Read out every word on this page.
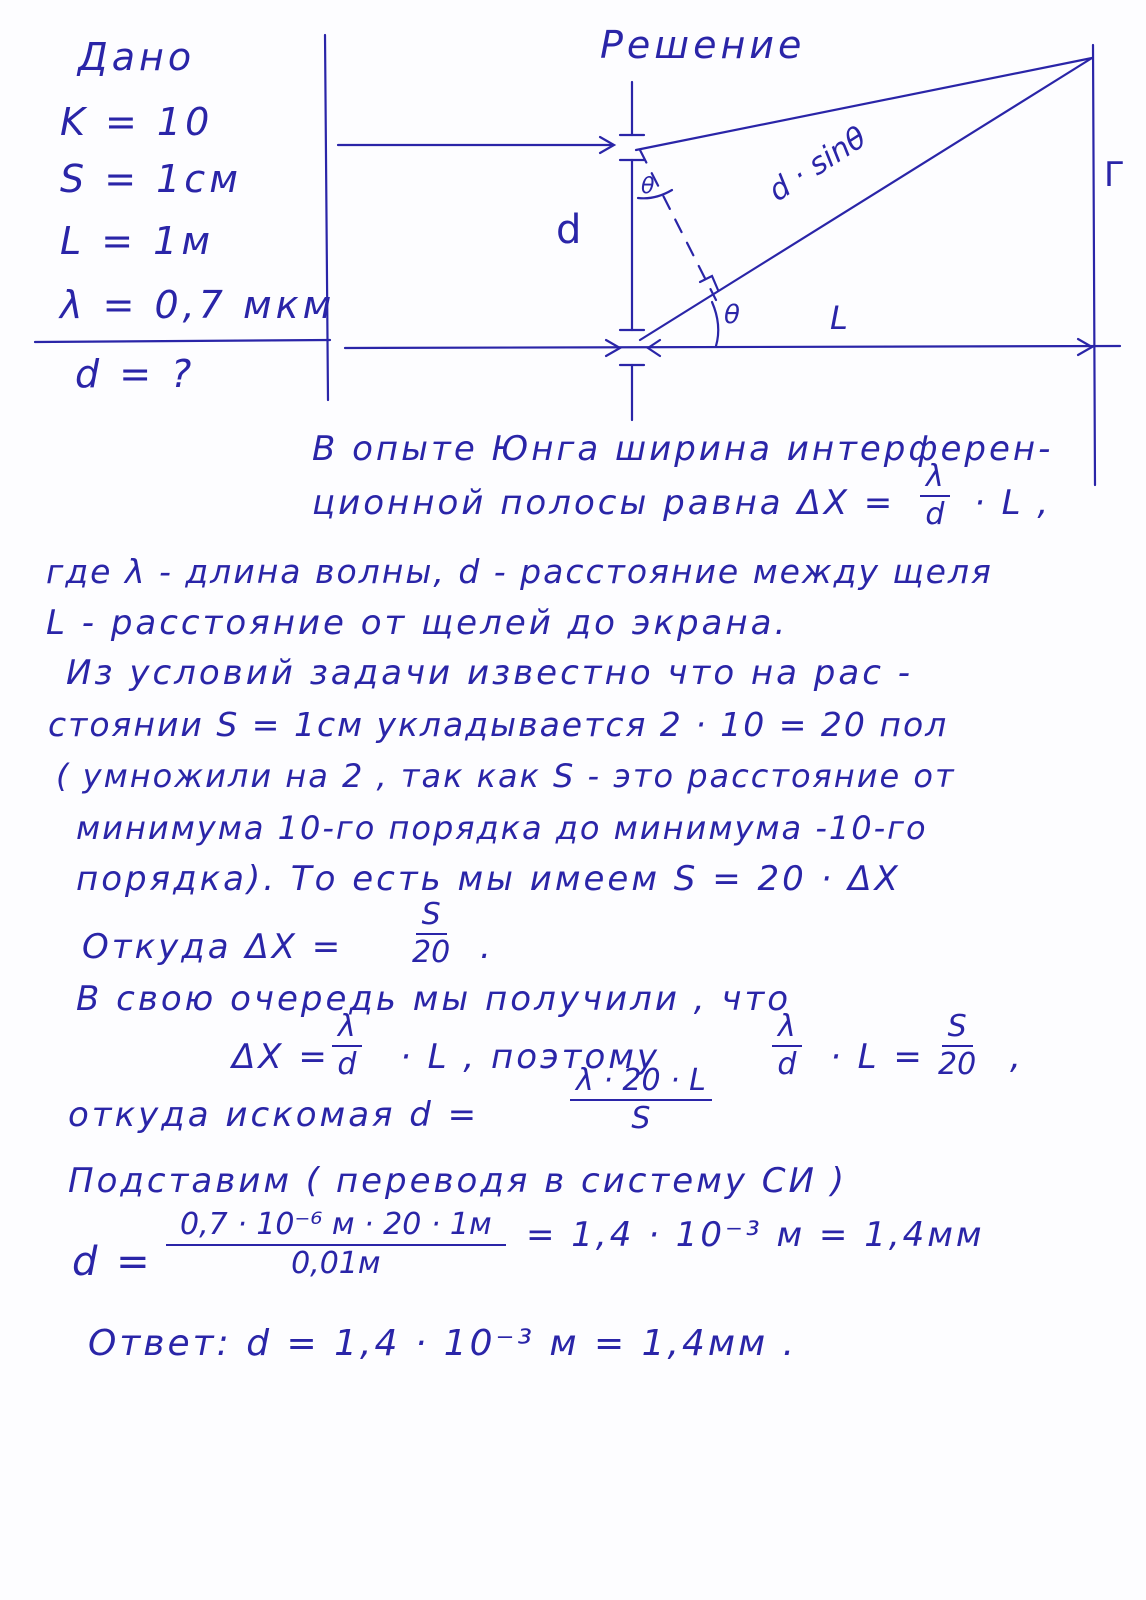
Дано
K = 10
S = 1см
L = 1м
λ = 0,7 мкм
d = ?
Решение
d
d · sinθ
θ
θ	L
Г
В опыте Юнга ширина интерферен-
ционной полосы равна $\Delta X = \frac{\lambda}{d} \cdot L$ ,
где λ - длина волны, d - расстояние между щеля
L - расстояние от щелей до экрана.
Из условий задачи известно что на рас -
стоянии S = 1см укладывается 2 · 10 = 20 пол
( умножили на 2 , так как S - это расстояние от
минимума 10-го порядка до минимума -10-го
порядка). То есть мы имеем S = 20 · ΔX
Откуда $\Delta X = \frac{S}{20}$ .
В свою очередь мы получили , что
$\Delta X = \frac{\lambda}{d} \cdot L$ , поэтому	$\frac{\lambda}{d} \cdot L = \frac{S}{20}$ ,
откуда искомая d =	$\frac{\lambda \cdot 20 \cdot L}{S}$
Подставим ( переводя в систему СИ )
d =
0,7 · 10⁻⁶ м · 20 · 1м
0,01м
= 1,4 · 10⁻³ м = 1,4мм
Ответ: d = 1,4 · 10⁻³ м = 1,4мм .
